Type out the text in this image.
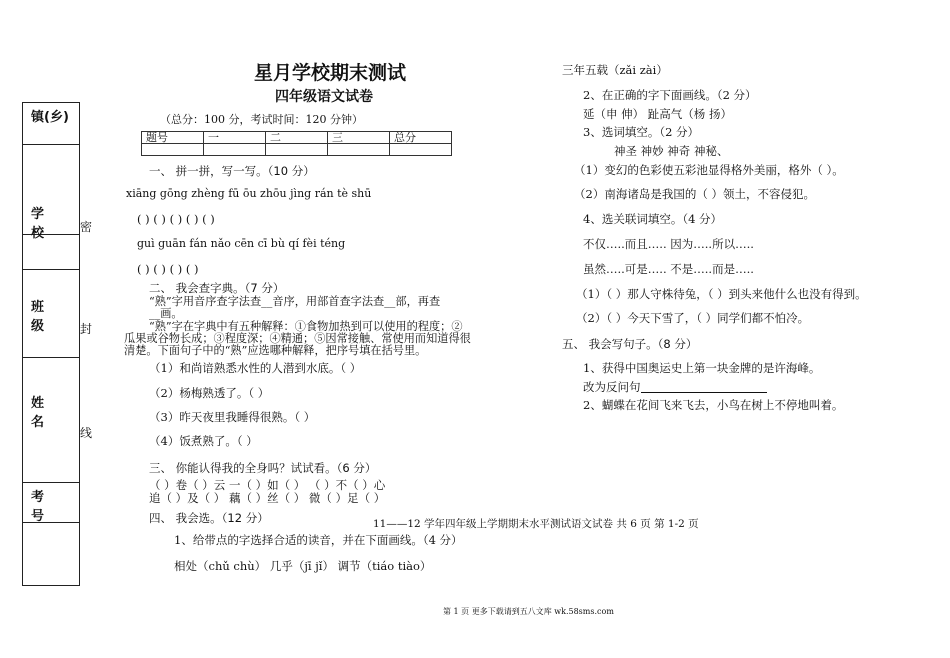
星月学校期末测试
四年级语文试卷
（总分：100 分，考试时间：120 分钟）
镇(乡)
学 校
班 级
姓 名
考 号
密
封
线
题号	一	二	三	总分

一、 拼一拼，写一写。（10 分）
xiāng gōng zhèng fū ōu zhōu jìng rán tè shū
( ) ( ) ( ) ( ) ( )
guì guān fán nǎo cēn cī bù qí fèi téng
( ) ( ) ( ) ( )
二、 我会查字典。（7 分）
“熟”字用音序查字法查__音序，用部首查字法查__部，再查
__画。
“熟”字在字典中有五种解释：①食物加热到可以使用的程度；②
瓜果或谷物长成；③程度深；④精通；⑤因常接触、常使用而知道得很
清楚。下面句子中的“熟”应选哪种解释，把序号填在括号里。
（1）和尚谙熟悉水性的人潜到水底。（ ）
（2）杨梅熟透了。（ ）
（3）昨天夜里我睡得很熟。（ ）
（4）饭煮熟了。（ ）
三、 你能认得我的全身吗？试试看。（6 分）
（ ）卷（ ）云 一（ ）如（ ） （ ）不（ ）心
追（ ）及（ ） 藕（ ）丝（ ） 微（ ）足（ ）
四、 我会选。（12 分）
1、给带点的字选择合适的读音，并在下面画线。（4 分）
相处（chǔ chù） 几乎（jī jǐ） 调节（tiáo tiào）
11——12 学年四年级上学期期末水平测试语文试卷 共 6 页 第 1-2 页
三年五载（zǎi zài）
2、在正确的字下面画线。（2 分）
延（申 伸） 趾高气（杨 扬）
3、选词填空。（2 分）
神圣 神妙 神奇 神秘、
（1）变幻的色彩使五彩池显得格外美丽，格外（ ）。
（2）南海诸岛是我国的（ ）领土，不容侵犯。
4、选关联词填空。（4 分）
不仅…..而且….. 因为…..所以…..
虽然…..可是….. 不是…..而是…..
（1）（ ）那人守株待兔，（ ）到头来他什么也没有得到。
（2）（ ）今天下雪了，（ ）同学们都不怕冷。
五、 我会写句子。（8 分）
1、获得中国奥运史上第一块金牌的是许海峰。
改为反问句
2、蝴蝶在花间飞来飞去，小鸟在树上不停地叫着。
第 1 页 更多下载请到五八文库 wk.58sms.com
